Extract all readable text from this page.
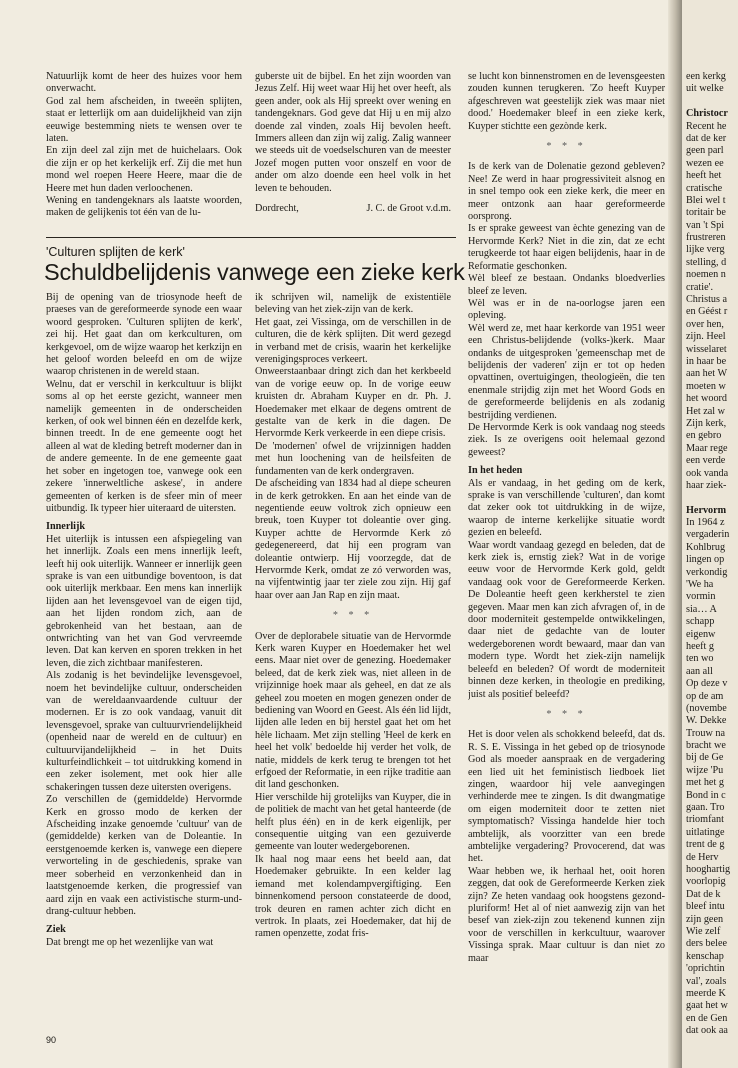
Natuurlijk komt de heer des huizes voor hem onverwacht.

God zal hem afscheiden, in tweeën splijten, staat er letterlijk om aan duidelijkheid van zijn eeuwige bestemming niets te wensen over te laten.

En zijn deel zal zijn met de huichelaars. Ook die zijn er op het kerkelijk erf. Zij die met hun mond wel roepen Heere Heere, maar die de Heere met hun daden verloochenen.

Wening en tandengeknars als laatste woorden, maken de gelijkenis tot één van de lu-

guberste uit de bijbel. En het zijn woorden van Jezus Zelf. Hij weet waar Hij het over heeft, als geen ander, ook als Hij spreekt over wening en tandengeknars. God geve dat Hij u en mij alzo doende zal vinden, zoals Hij bevolen heeft. Immers alleen dan zijn wij zalig. Zalig wanneer we steeds uit de voedselschuren van de meester Jozef mogen putten voor onszelf en voor de ander om alzo doende een heel volk in het leven te behouden.

Dordrecht,	J. C. de Groot v.d.m.

'Culturen splijten de kerk'
Schuldbelijdenis vanwege een zieke kerk

Bij de opening van de triosynode heeft de praeses van de gereformeerde synode een waar woord gesproken. 'Culturen splijten de kerk', zei hij. Het gaat dan om kerkculturen, om kerkgevoel, om de wijze waarop het kerkzijn en het geloof worden beleefd en om de wijze waarop christenen in de wereld staan.

Welnu, dat er verschil in kerkcultuur is blijkt soms al op het eerste gezicht, wanneer men namelijk gemeenten in de onderscheiden kerken, of ook wel binnen één en dezelfde kerk, binnen treedt. In de ene gemeente oogt het alleen al wat de kleding betreft moderner dan in de andere gemeente. In de ene gemeente gaat het sober en ingetogen toe, vanwege ook een zekere 'innerweltliche askese', in andere gemeenten of kerken is de sfeer min of meer uitbundig. Ik typeer hier uiteraard de uitersten.

Innerlijk

Het uiterlijk is intussen een afspiegeling van het innerlijk. Zoals een mens innerlijk leeft, leeft hij ook uiterlijk. Wanneer er innerlijk geen sprake is van een uitbundige boventoon, is dat ook uiterlijk merkbaar. Een mens kan innerlijk lijden aan het levensgevoel van de eigen tijd, aan het lijden rondom zich, aan de gebrokenheid van het bestaan, aan de ontwrichting van het van God vervreemde leven. Dat kan kerven en sporen trekken in het leven, die zich zichtbaar manifesteren.

Als zodanig is het bevindelijke levensgevoel, noem het bevindelijke cultuur, onderscheiden van de wereldaanvaardende cultuur der modernen. Er is zo ook vandaag, vanuit dit levensgevoel, sprake van cultuurvriendelijkheid (openheid naar de wereld en de cultuur) en cultuurvijandelijkheid – in het Duits kulturfeindlichkeit – tot uitdrukking komend in een zeker isolement, met ook hier alle schakeringen tussen deze uitersten overigens.

Zo verschillen de (gemiddelde) Hervormde Kerk en grosso modo de kerken der Afscheiding inzake genoemde 'cultuur' van de (gemiddelde) kerken van de Doleantie. In eerstgenoemde kerken is, vanwege een diepere verworteling in de geschiedenis, sprake van meer soberheid en verzonkenheid dan in laatstgenoemde kerken, die progressief van aard zijn en vaak een activistische sturm-und-drang-cultuur hebben.

Ziek

Dat brengt me op het wezenlijke van wat

ik schrijven wil, namelijk de existentiële beleving van het ziek-zijn van de kerk.

Het gaat, zei Vissinga, om de verschillen in de culturen, die de kèrk splijten. Dit werd gezegd in verband met de crisis, waarin het kerkelijke verenigingsproces verkeert.

Onweerstaanbaar dringt zich dan het kerkbeeld van de vorige eeuw op. In de vorige eeuw kruisten dr. Abraham Kuyper en dr. Ph. J. Hoedemaker met elkaar de degens omtrent de gestalte van de kerk in die dagen. De Hervormde Kerk verkeerde in een diepe crisis.

De 'modernen' ofwel de vrijzinnigen hadden met hun loochening van de heilsfeiten de fundamenten van de kerk ondergraven.

De afscheiding van 1834 had al diepe scheuren in de kerk getrokken. En aan het einde van de negentiende eeuw voltrok zich opnieuw een breuk, toen Kuyper tot doleantie over ging. Kuyper achtte de Hervormde Kerk zó gedegenereerd, dat hij een program van doleantie ontwierp. Hij voorzegde, dat de Hervormde Kerk, omdat ze zó verworden was, na vijfentwintig jaar ter ziele zou zijn. Hij gaf haar over aan Jan Rap en zijn maat.

* * *

Over de deplorabele situatie van de Hervormde Kerk waren Kuyper en Hoedemaker het wel eens. Maar niet over de genezing. Hoedemaker beleed, dat de kerk ziek was, niet alleen in de vrijzinnige hoek maar als geheel, en dat ze als geheel zou moeten en mogen genezen onder de bediening van Woord en Geest. Als één lid lijdt, lijden alle leden en bij herstel gaat het om het hèle lichaam. Met zijn stelling 'Heel de kerk en heel het volk' bedoelde hij verder het volk, de natie, middels de kerk terug te brengen tot het erfgoed der Reformatie, in een rijke traditie aan dit land geschonken.

Hier verschilde hij grotelijks van Kuyper, die in de politiek de macht van het getal hanteerde (de helft plus één) en in de kerk eigenlijk, per consequentie uitging van een gezuiverde gemeente van louter wedergeborenen.

Ik haal nog maar eens het beeld aan, dat Hoedemaker gebruikte. In een kelder lag iemand met kolendampvergiftiging. Een binnenkomend persoon constateerde de dood, trok deuren en ramen achter zich dicht en vertrok. In plaats, zei Hoedemaker, dat hij de ramen openzette, zodat fris-

se lucht kon binnenstromen en de levensgeesten zouden kunnen terugkeren. 'Zo heeft Kuyper afgeschreven wat geestelijk ziek was maar niet dood.' Hoedemaker bleef in een zieke kerk, Kuyper stichtte een gezònde kerk.

* * *

Is de kerk van de Dolenatie gezond gebleven? Nee! Ze werd in haar progressiviteit alsnog en in snel tempo ook een zieke kerk, die meer en meer ontzonk aan haar gereformeerde oorsprong.

Is er sprake geweest van èchte genezing van de Hervormde Kerk? Niet in die zin, dat ze echt terugkeerde tot haar eigen belijdenis, haar in de Reformatie geschonken.

Wèl bleef ze bestaan. Ondanks bloedverlies bleef ze leven.

Wèl was er in de na-oorlogse jaren een opleving.

Wèl werd ze, met haar kerkorde van 1951 weer een Christus-belijdende (volks-)kerk. Maar ondanks de uitgesproken 'gemeenschap met de belijdenis der vaderen' zijn er tot op heden opvattinen, overtuigingen, theologieën, die ten enenmale strijdig zijn met het Woord Gods en de gereformeerde belijdenis en als zodanig bestrijding verdienen.

De Hervormde Kerk is ook vandaag nog steeds ziek. Is ze overigens ooit helemaal gezond geweest?

In het heden

Als er vandaag, in het geding om de kerk, sprake is van verschillende 'culturen', dan komt dat zeker ook tot uitdrukking in de wijze, waarop de interne kerkelijke situatie wordt gezien en beleefd.

Waar wordt vandaag gezegd en beleden, dat de kerk ziek is, ernstig ziek? Wat in de vorige eeuw voor de Hervormde Kerk gold, geldt vandaag ook voor de Gereformeerde Kerken. De Doleantie heeft geen kerkherstel te zien gegeven. Maar men kan zich afvragen of, in de door moderniteit gestempelde ontwikkelingen, daar niet de gedachte van de louter wedergeborenen wordt bewaard, maar dan van modern type. Wordt het ziek-zijn namelijk beleefd en beleden? Of wordt de moderniteit binnen deze kerken, in theologie en prediking, juist als positief beleefd?

* * *

Het is door velen als schokkend beleefd, dat ds. R. S. E. Vissinga in het gebed op de triosynode God als moeder aanspraak en de vergadering een lied uit het feministisch liedboek liet zingen, waardoor hij vele aanvegingen verhinderde mee te zingen. Is dit dwangmatige om eigen moderniteit door te zetten niet symptomatisch? Vissinga handelde hier toch ambtelijk, als voorzitter van een brede ambtelijke vergadering? Provocerend, dat was het.

Waar hebben we, ik herhaal het, ooit horen zeggen, dat ook de Gereformeerde Kerken ziek zijn? Ze heten vandaag ook hoogstens gezond-pluriform! Het al of niet aanwezig zijn van het besef van ziek-zijn zou tekenend kunnen zijn voor de verschillen in kerkcultuur, waarover Vissinga sprak. Maar cultuur is dan niet zo maar

90
een kerkg
uit welke
Christocr
Recent he
dat de ker
geen parl
wezen ee
heeft het
cratische
Blei wel t
toritair be
van 't Spi
frustreren
lijke verg
stelling, d
noemen n
cratie'.
Christus a
en Géést r
over hen,
zijn. Heel
wisselaret
in haar be
aan het W
moeten w
het woord
Het zal w
Zijn kerk,
en gebro
Maar rege
een verde
ook vanda
haar ziek-
Hervorm
In 1964 z
vergaderin
Kohlbrug
lingen op
verkondig
'We ha
vormin
sia… A
schapp
eigenw
heeft g
ten wo
aan all
Op deze v
op de am
(novembe
W. Dekke
Trouw na
bracht we
bij de Ge
wijze 'Pu
met het g
Bond in c
gaan. Tro
triomfant
uitlatinge
trent de g
de Herv
hooghartig
voorlopig
Dat de k
bleef intu
zijn geen
Wie zelf
ders belee
kenschap
'oprichtin
val', zoals
meerde K
gaat het w
en de Gen
dat ook aa
